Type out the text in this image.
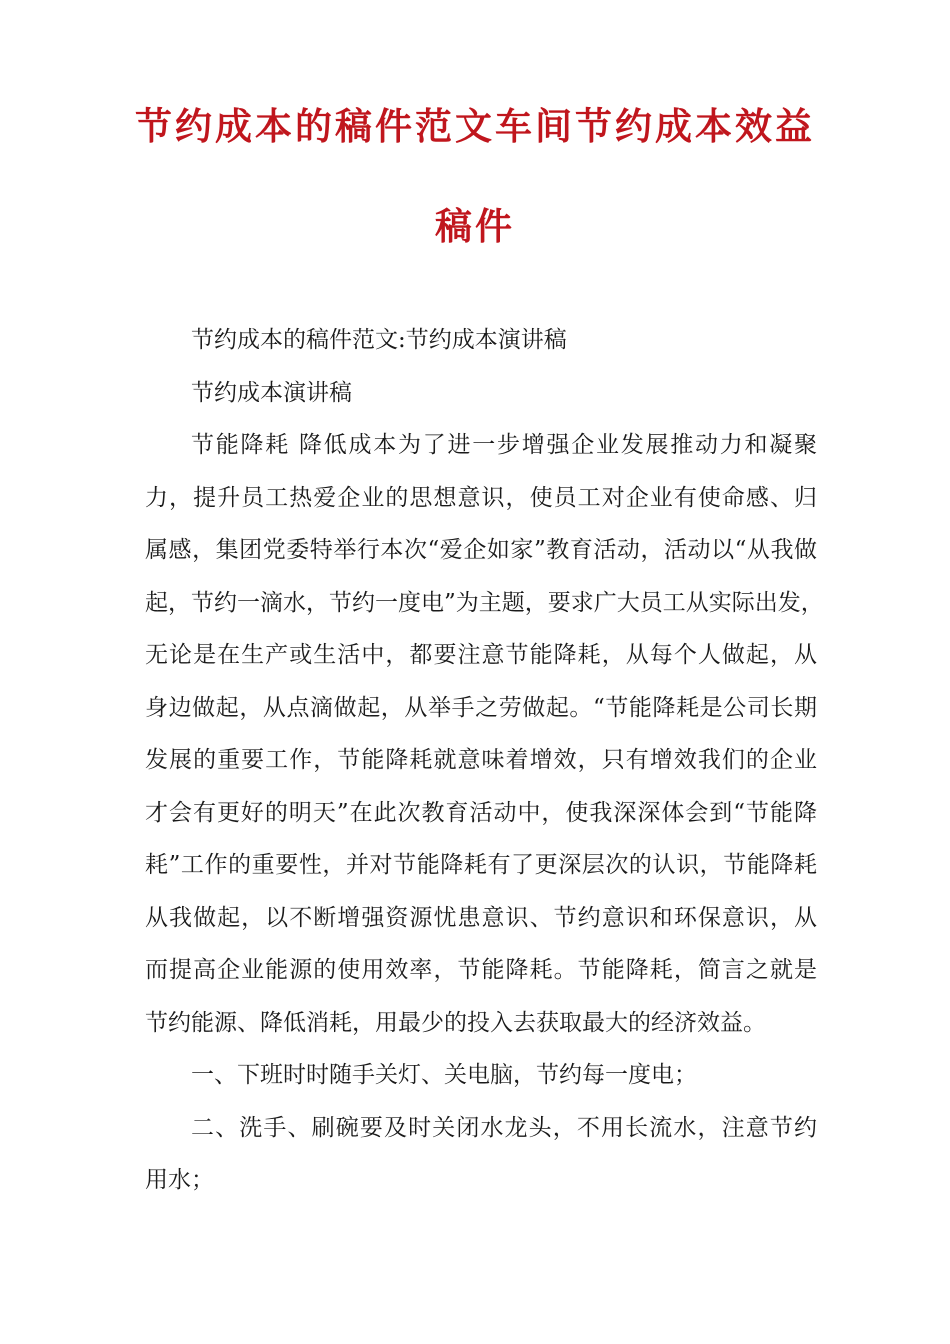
节约成本的稿件范文车间节约成本效益
稿件

节约成本的稿件范文:节约成本演讲稿

节约成本演讲稿

节能降耗 降低成本为了进一步增强企业发展推动力和凝聚
力，提升员工热爱企业的思想意识，使员工对企业有使命感、归
属感，集团党委特举行本次“爱企如家”教育活动，活动以“从我做
起，节约一滴水，节约一度电”为主题，要求广大员工从实际出发，
无论是在生产或生活中，都要注意节能降耗，从每个人做起，从
身边做起，从点滴做起，从举手之劳做起。“节能降耗是公司长期
发展的重要工作，节能降耗就意味着增效，只有增效我们的企业
才会有更好的明天”在此次教育活动中，使我深深体会到“节能降
耗”工作的重要性，并对节能降耗有了更深层次的认识，节能降耗
从我做起，以不断增强资源忧患意识、节约意识和环保意识，从
而提高企业能源的使用效率，节能降耗。节能降耗，简言之就是
节约能源、降低消耗，用最少的投入去获取最大的经济效益。

一、下班时时随手关灯、关电脑，节约每一度电；

二、洗手、刷碗要及时关闭水龙头，不用长流水，注意节约
用水；
